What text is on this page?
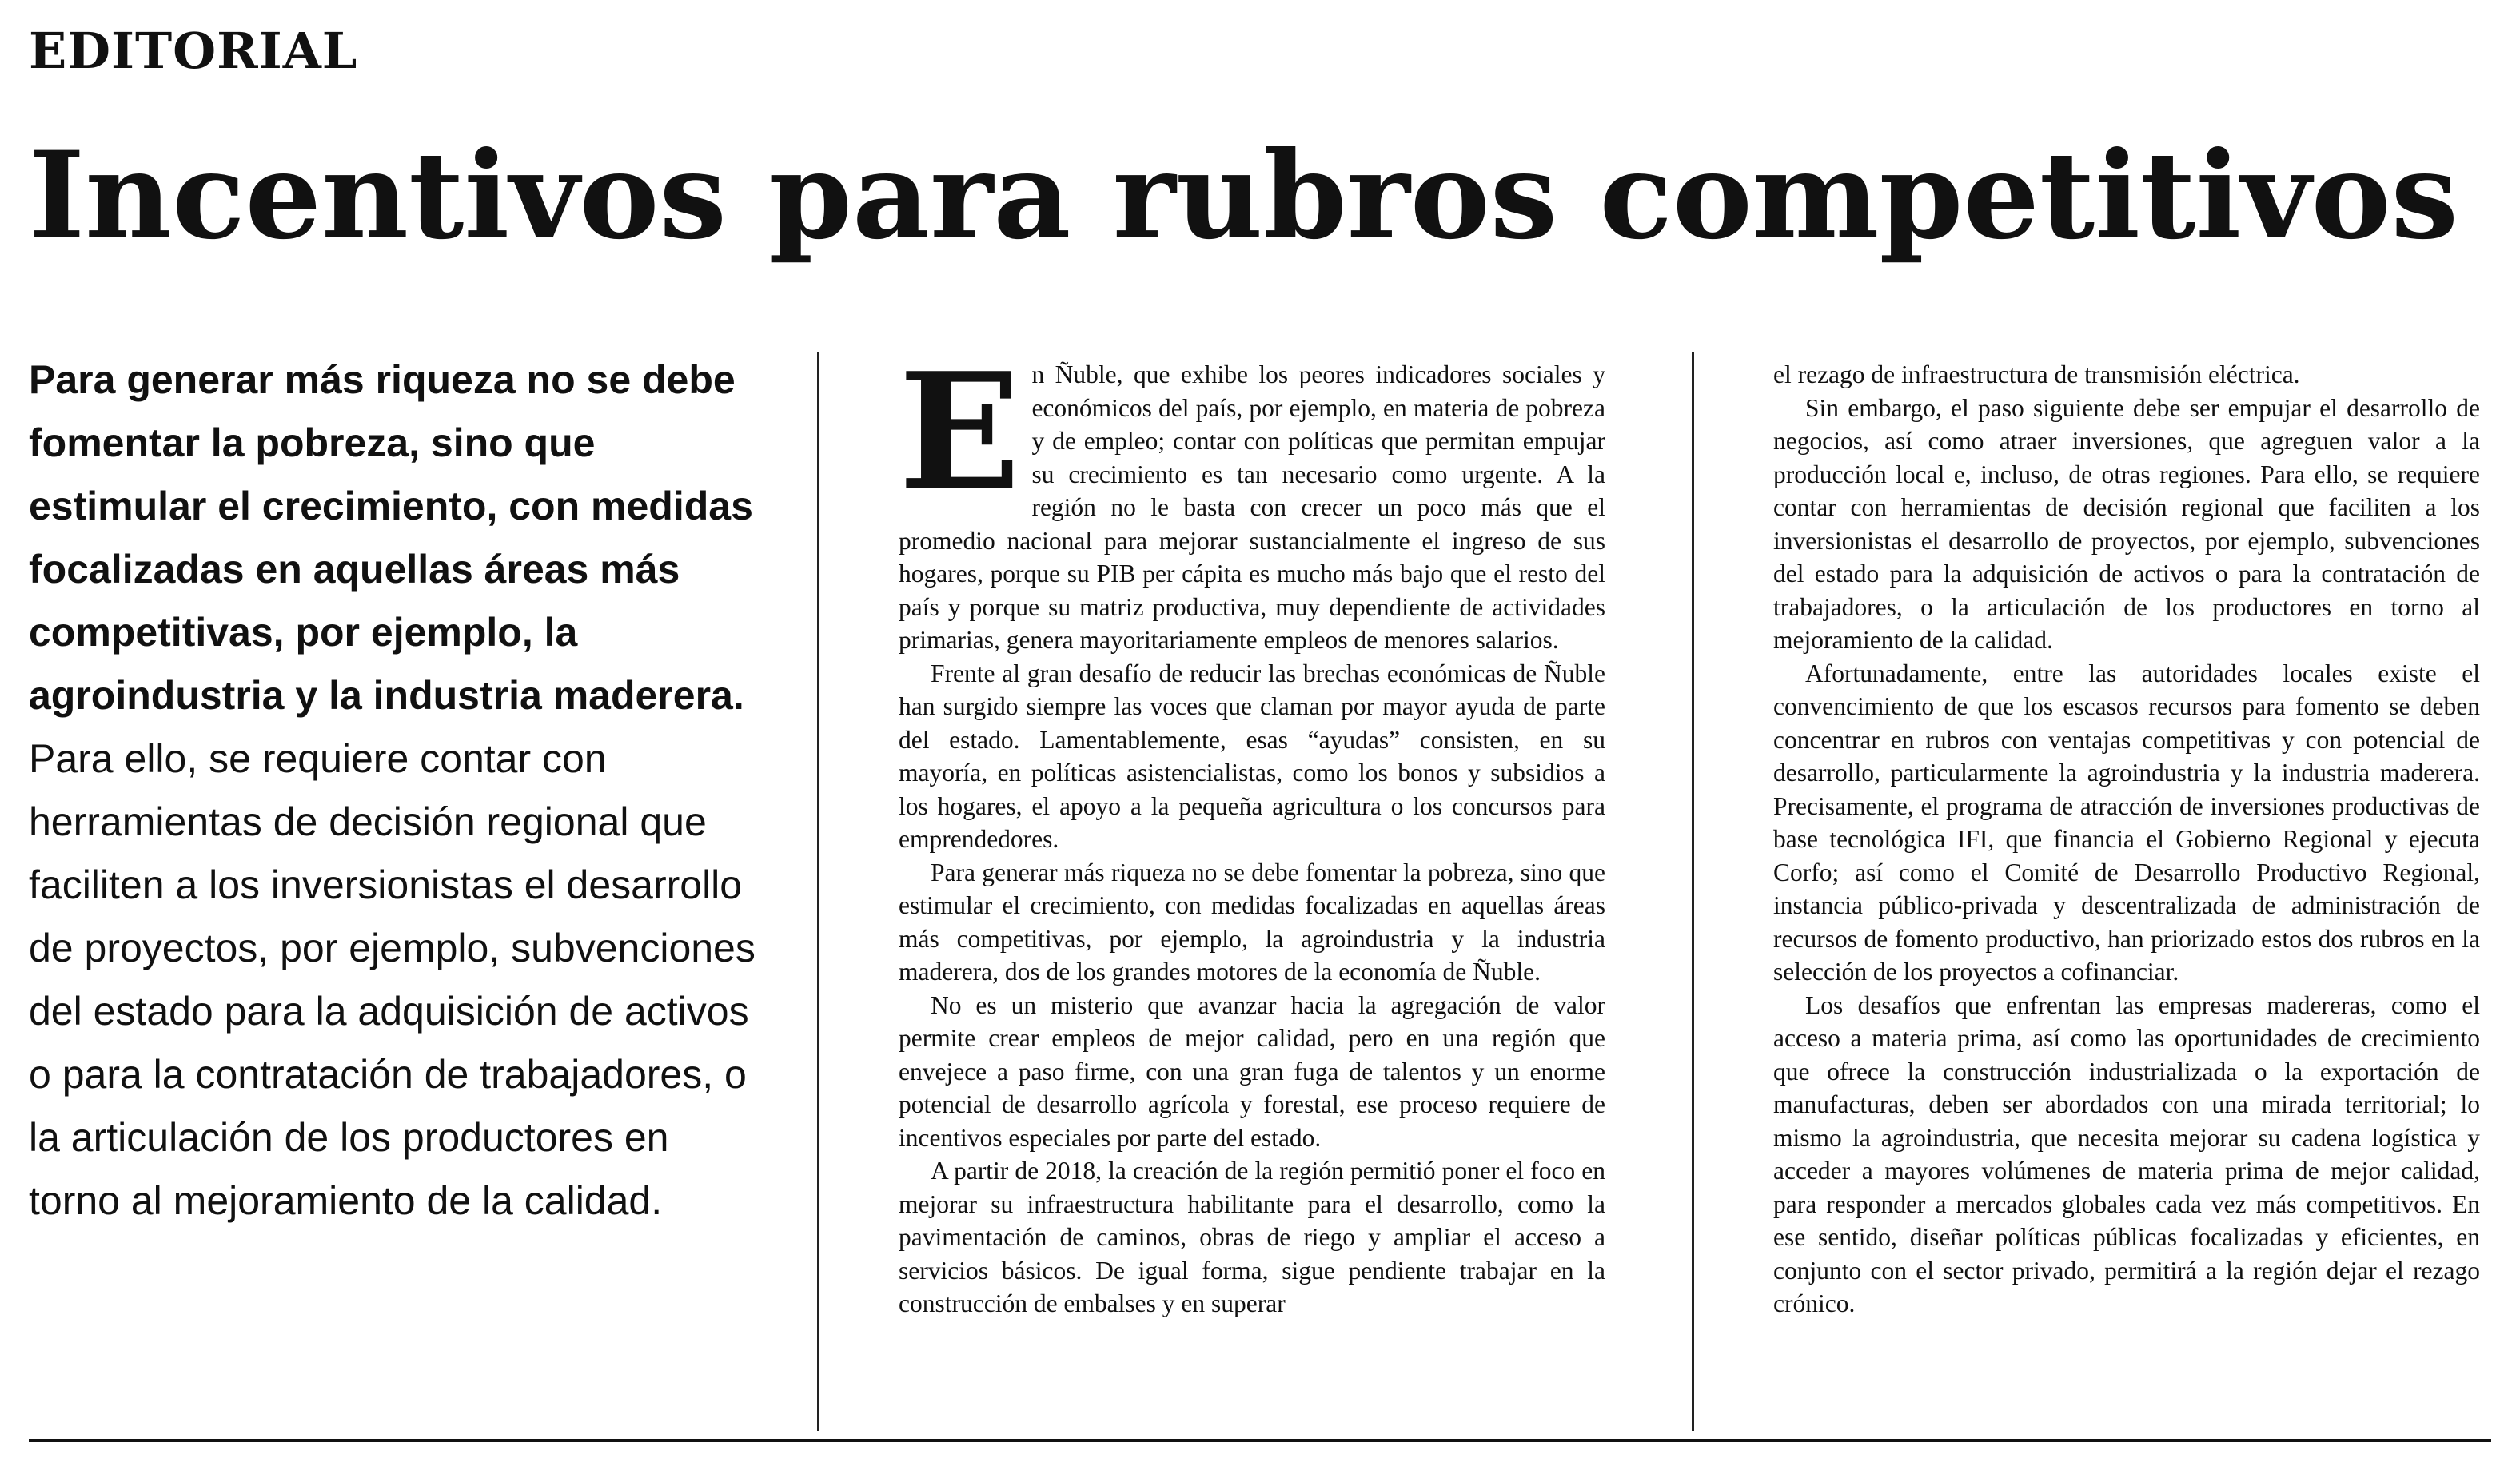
EDITORIAL
Incentivos para rubros competitivos

Para generar más riqueza no se debe fomentar la pobreza, sino que estimular el crecimiento, con medidas focalizadas en aquellas áreas más competitivas, por ejemplo, la agroindustria y la industria maderera. Para ello, se requiere contar con herramientas de decisión regional que faciliten a los inversionistas el desarrollo de proyectos, por ejemplo, subvenciones del estado para la adquisición de activos o para la contratación de trabajadores, o la articulación de los productores en torno al mejoramiento de la calidad.

En Ñuble, que exhibe los peores indicadores sociales y económicos del país, por ejemplo, en materia de pobreza y de empleo; contar con políticas que permitan empujar su crecimiento es tan necesario como urgente. A la región no le basta con crecer un poco más que el promedio nacional para mejorar sustancialmente el ingreso de sus hogares, porque su PIB per cápita es mucho más bajo que el resto del país y porque su matriz productiva, muy dependiente de actividades primarias, genera mayoritariamente empleos de menores salarios.

Frente al gran desafío de reducir las brechas económicas de Ñuble han surgido siempre las voces que claman por mayor ayuda de parte del estado. Lamentablemente, esas “ayudas” consisten, en su mayoría, en políticas asistencialistas, como los bonos y subsidios a los hogares, el apoyo a la pequeña agricultura o los concursos para emprendedores.

Para generar más riqueza no se debe fomentar la pobreza, sino que estimular el crecimiento, con medidas focalizadas en aquellas áreas más competitivas, por ejemplo, la agroindustria y la industria maderera, dos de los grandes motores de la economía de Ñuble.

No es un misterio que avanzar hacia la agregación de valor permite crear empleos de mejor calidad, pero en una región que envejece a paso firme, con una gran fuga de talentos y un enorme potencial de desarrollo agrícola y forestal, ese proceso requiere de incentivos especiales por parte del estado.

A partir de 2018, la creación de la región permitió poner el foco en mejorar su infraestructura habilitante para el desarrollo, como la pavimentación de caminos, obras de riego y ampliar el acceso a servicios básicos. De igual forma, sigue pendiente trabajar en la construcción de embalses y en superar

el rezago de infraestructura de transmisión eléctrica.

Sin embargo, el paso siguiente debe ser empujar el desarrollo de negocios, así como atraer inversiones, que agreguen valor a la producción local e, incluso, de otras regiones. Para ello, se requiere contar con herramientas de decisión regional que faciliten a los inversionistas el desarrollo de proyectos, por ejemplo, subvenciones del estado para la adquisición de activos o para la contratación de trabajadores, o la articulación de los productores en torno al mejoramiento de la calidad.

Afortunadamente, entre las autoridades locales existe el convencimiento de que los escasos recursos para fomento se deben concentrar en rubros con ventajas competitivas y con potencial de desarrollo, particularmente la agroindustria y la industria maderera. Precisamente, el programa de atracción de inversiones productivas de base tecnológica IFI, que financia el Gobierno Regional y ejecuta Corfo; así como el Comité de Desarrollo Productivo Regional, instancia público-privada y descentralizada de administración de recursos de fomento productivo, han priorizado estos dos rubros en la selección de los proyectos a cofinanciar.

Los desafíos que enfrentan las empresas madereras, como el acceso a materia prima, así como las oportunidades de crecimiento que ofrece la construcción industrializada o la exportación de manufacturas, deben ser abordados con una mirada territorial; lo mismo la agroindustria, que necesita mejorar su cadena logística y acceder a mayores volúmenes de materia prima de mejor calidad, para responder a mercados globales cada vez más competitivos. En ese sentido, diseñar políticas públicas focalizadas y eficientes, en conjunto con el sector privado, permitirá a la región dejar el rezago crónico.
